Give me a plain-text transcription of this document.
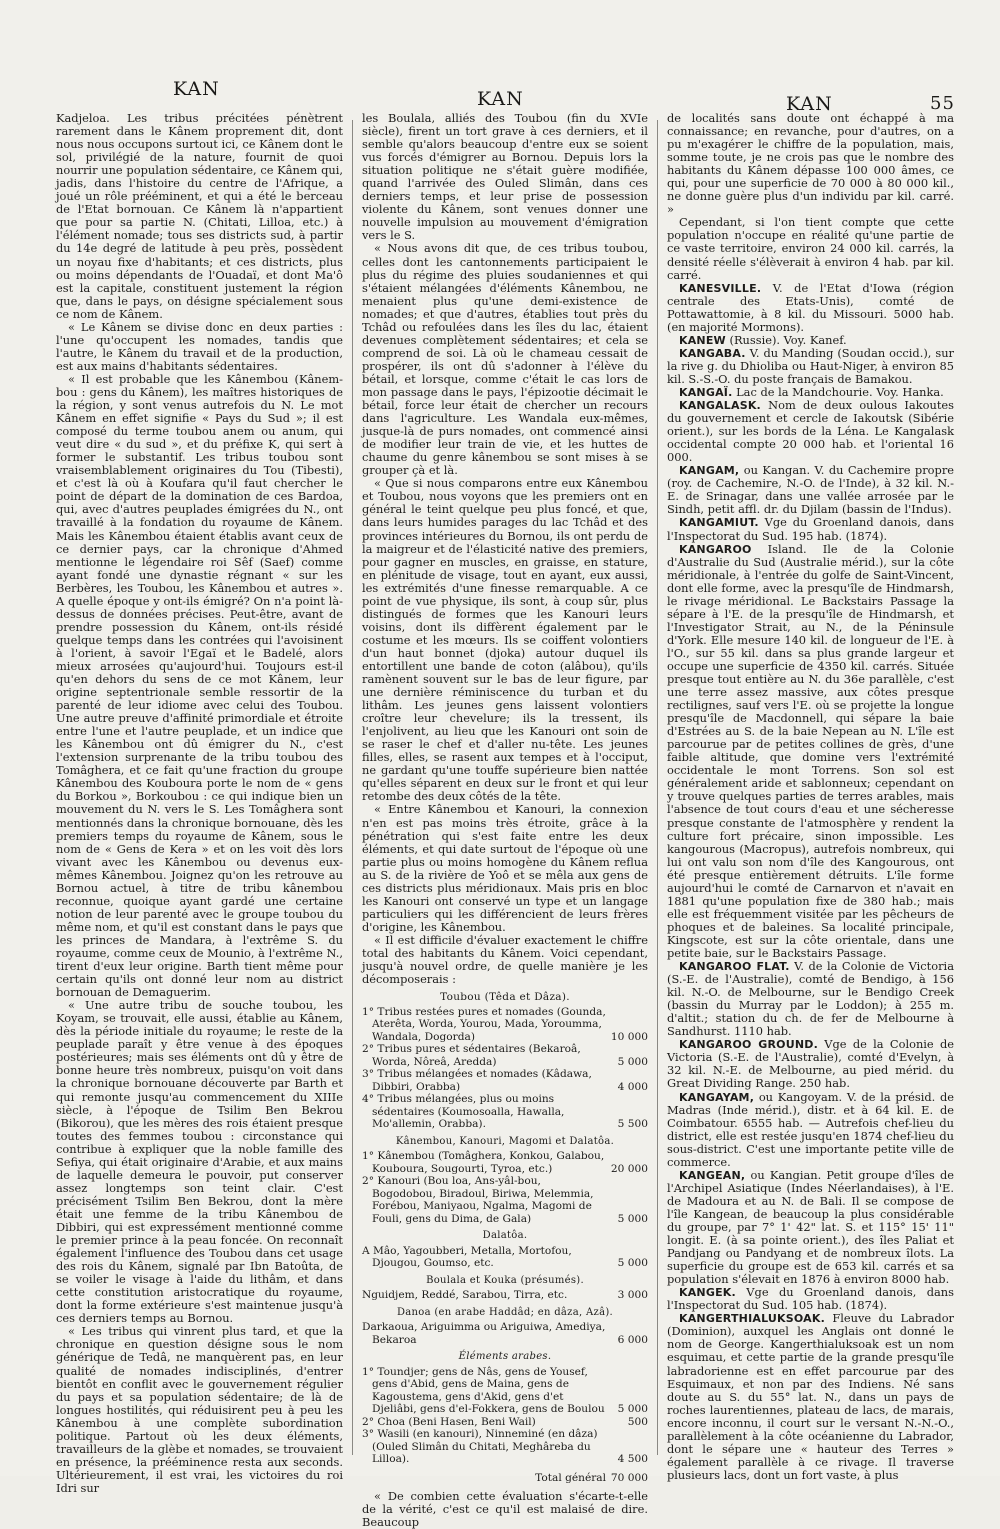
KAN	KAN	KAN	55

Kadjeloa. Les tribus précitées pénètrent rarement dans le Kânem proprement dit, dont nous nous occupons surtout ici, ce Kânem dont le sol, privilégié de la nature, fournit de quoi nourrir une population sédentaire, ce Kânem qui, jadis, dans l'histoire du centre de l'Afrique, a joué un rôle prééminent, et qui a été le berceau de l'Etat bornouan. Ce Kânem là n'appartient que pour sa partie N. (Chitati, Lilloa, etc.) à l'élément nomade; tous ses districts sud, à partir du 14e degré de latitude à peu près, possèdent un noyau fixe d'habitants; et ces districts, plus ou moins dépendants de l'Ouadaï, et dont Ma'ô est la capitale, constituent justement la région que, dans le pays, on désigne spécialement sous ce nom de Kânem.

« Le Kânem se divise donc en deux parties : l'une qu'occupent les nomades, tandis que l'autre, le Kânem du travail et de la production, est aux mains d'habitants sédentaires.

« Il est probable que les Kânembou (Kânem-bou : gens du Kânem), les maîtres historiques de la région, y sont venus autrefois du N. Le mot Kânem en effet signifie « Pays du Sud »; il est composé du terme toubou anem ou anum, qui veut dire « du sud », et du préfixe K, qui sert à former le substantif. Les tribus toubou sont vraisemblablement originaires du Tou (Tibesti), et c'est là où à Koufara qu'il faut chercher le point de départ de la domination de ces Bardoa, qui, avec d'autres peuplades émigrées du N., ont travaillé à la fondation du royaume de Kânem. Mais les Kânembou étaient établis avant ceux de ce dernier pays, car la chronique d'Ahmed mentionne le légendaire roi Sêf (Saef) comme ayant fondé une dynastie régnant « sur les Berbères, les Toubou, les Kânembou et autres ». A quelle époque y ont-ils émigré? On n'a point là-dessus de données précises. Peut-être, avant de prendre possession du Kânem, ont-ils résidé quelque temps dans les contrées qui l'avoisinent à l'orient, à savoir l'Egaï et le Badelé, alors mieux arrosées qu'aujourd'hui. Toujours est-il qu'en dehors du sens de ce mot Kânem, leur origine septentrionale semble ressortir de la parenté de leur idiome avec celui des Toubou. Une autre preuve d'affinité primordiale et étroite entre l'une et l'autre peuplade, et un indice que les Kânembou ont dû émigrer du N., c'est l'extension surprenante de la tribu toubou des Tomâghera, et ce fait qu'une fraction du groupe Kânembou des Kouboura porte le nom de « gens du Borkou », Borkoubou : ce qui indique bien un mouvement du N. vers le S. Les Tomâghera sont mentionnés dans la chronique bornouane, dès les premiers temps du royaume de Kânem, sous le nom de « Gens de Kera » et on les voit dès lors vivant avec les Kânembou ou devenus eux-mêmes Kânembou. Joignez qu'on les retrouve au Bornou actuel, à titre de tribu kânembou reconnue, quoique ayant gardé une certaine notion de leur parenté avec le groupe toubou du même nom, et qu'il est constant dans le pays que les princes de Mandara, à l'extrême S. du royaume, comme ceux de Mounio, à l'extrême N., tirent d'eux leur origine. Barth tient même pour certain qu'ils ont donné leur nom au district bornouan de Demaguerim.

« Une autre tribu de souche toubou, les Koyam, se trouvait, elle aussi, établie au Kânem, dès la période initiale du royaume; le reste de la peuplade paraît y être venue à des époques postérieures; mais ses éléments ont dû y être de bonne heure très nombreux, puisqu'on voit dans la chronique bornouane découverte par Barth et qui remonte jusqu'au commencement du XIIIe siècle, à l'époque de Tsilim Ben Bekrou (Bikorou), que les mères des rois étaient presque toutes des femmes toubou : circonstance qui contribue à expliquer que la noble famille des Sefiya, qui était originaire d'Arabie, et aux mains de laquelle demeura le pouvoir, put conserver assez longtemps son teint clair. C'est précisément Tsilim Ben Bekrou, dont la mère était une femme de la tribu Kânembou de Dibbiri, qui est expressément mentionné comme le premier prince à la peau foncée. On reconnaît également l'influence des Toubou dans cet usage des rois du Kânem, signalé par Ibn Batoûta, de se voiler le visage à l'aide du lithâm, et dans cette constitution aristocratique du royaume, dont la forme extérieure s'est maintenue jusqu'à ces derniers temps au Bornou.

« Les tribus qui vinrent plus tard, et que la chronique en question désigne sous le nom générique de Tedâ, ne manquèrent pas, en leur qualité de nomades indisciplinés, d'entrer bientôt en conflit avec le gouvernement régulier du pays et sa population sédentaire; de là de longues hostilités, qui réduisirent peu à peu les Kânembou à une complète subordination politique. Partout où les deux éléments, travailleurs de la glèbe et nomades, se trouvaient en présence, la prééminence resta aux seconds. Ultérieurement, il est vrai, les victoires du roi Idri sur

les Boulala, alliés des Toubou (fin du XVIe siècle), firent un tort grave à ces derniers, et il semble qu'alors beaucoup d'entre eux se soient vus forcés d'émigrer au Bornou. Depuis lors la situation politique ne s'était guère modifiée, quand l'arrivée des Ouled Slimân, dans ces derniers temps, et leur prise de possession violente du Kânem, sont venues donner une nouvelle impulsion au mouvement d'émigration vers le S.

« Nous avons dit que, de ces tribus toubou, celles dont les cantonnements participaient le plus du régime des pluies soudaniennes et qui s'étaient mélangées d'éléments Kânembou, ne menaient plus qu'une demi-existence de nomades; et que d'autres, établies tout près du Tchâd ou refoulées dans les îles du lac, étaient devenues complètement sédentaires; et cela se comprend de soi. Là où le chameau cessait de prospérer, ils ont dû s'adonner à l'élève du bétail, et lorsque, comme c'était le cas lors de mon passage dans le pays, l'épizootie décimait le bétail, force leur était de chercher un recours dans l'agriculture. Les Wandala eux-mêmes, jusque-là de purs nomades, ont commencé ainsi de modifier leur train de vie, et les huttes de chaume du genre kânembou se sont mises à se grouper çà et là.

« Que si nous comparons entre eux Kânembou et Toubou, nous voyons que les premiers ont en général le teint quelque peu plus foncé, et que, dans leurs humides parages du lac Tchâd et des provinces intérieures du Bornou, ils ont perdu de la maigreur et de l'élasticité native des premiers, pour gagner en muscles, en graisse, en stature, en plénitude de visage, tout en ayant, eux aussi, les extrémités d'une finesse remarquable. A ce point de vue physique, ils sont, à coup sûr, plus distingués de formes que les Kanouri leurs voisins, dont ils diffèrent également par le costume et les mœurs. Ils se coiffent volontiers d'un haut bonnet (djoka) autour duquel ils entortillent une bande de coton (alâbou), qu'ils ramènent souvent sur le bas de leur figure, par une dernière réminiscence du turban et du lithâm. Les jeunes gens laissent volontiers croître leur chevelure; ils la tressent, ils l'enjolivent, au lieu que les Kanouri ont soin de se raser le chef et d'aller nu-tête. Les jeunes filles, elles, se rasent aux tempes et à l'occiput, ne gardant qu'une touffe supérieure bien nattée qu'elles séparent en deux sur le front et qui leur retombe des deux côtés de la tête.

« Entre Kânembou et Kanouri, la connexion n'en est pas moins très étroite, grâce à la pénétration qui s'est faite entre les deux éléments, et qui date surtout de l'époque où une partie plus ou moins homogène du Kânem reflua au S. de la rivière de Yoô et se mêla aux gens de ces districts plus méridionaux. Mais pris en bloc les Kanouri ont conservé un type et un langage particuliers qui les différencient de leurs frères d'origine, les Kânembou.

« Il est difficile d'évaluer exactement le chiffre total des habitants du Kânem. Voici cependant, jusqu'à nouvel ordre, de quelle manière je les décomposerais :

Toubou (Têda et Dâza).
1° Tribus restées pures et nomades (Gounda, Aterêta, Worda, Yourou, Mada, Yoroumma, Wandala, Dogorda)	10 000
2° Tribus pures et sédentaires (Bekaroâ, Worda, Nôreâ, Aredda)	5 000
3° Tribus mélangées et nomades (Kâdawa, Dibbiri, Orabba)	4 000
4° Tribus mélangées, plus ou moins sédentaires (Koumosoalla, Hawalla, Mo'allemin, Orabba).	5 500
Kânembou, Kanouri, Magomi et Dalatôa.
1° Kânembou (Tomâghera, Konkou, Galabou, Kouboura, Sougourti, Tyroa, etc.)	20 000
2° Kanouri (Bou loa, Ans-yâl-bou, Bogodobou, Biradoul, Biriwa, Melemmia, Forébou, Maniyaou, Ngalma, Magomi de Fouli, gens du Dima, de Gala)	5 000
Dalatôa.
A Mâo, Yagoubberi, Metalla, Mortofou, Djougou, Goumso, etc.	5 000
Boulala et Kouka (présumés).
Nguidjem, Reddé, Sarabou, Tirra, etc.	3 000
Danoa (en arabe Haddâd; en dâza, Azâ).
Darkaoua, Ariguimma ou Ariguiwa, Amediya, Bekaroa	6 000
Éléments arabes.
1° Toundjer; gens de Nâs, gens de Yousef, gens d'Abid, gens de Maina, gens de Kagoustema, gens d'Akid, gens d'et Djeliâbi, gens d'el-Fokkera, gens de Boulou	5 000
2° Choa (Beni Hasen, Beni Wail)	500
3° Wasili (en kanouri), Ninneminé (en dâza) (Ouled Slimân du Chitati, Meghâreba du Lilloa).	4 500
Total général 70 000

« De combien cette évaluation s'écarte-t-elle de la vérité, c'est ce qu'il est malaisé de dire. Beaucoup

de localités sans doute ont échappé à ma connaissance; en revanche, pour d'autres, on a pu m'exagérer le chiffre de la population, mais, somme toute, je ne crois pas que le nombre des habitants du Kânem dépasse 100 000 âmes, ce qui, pour une superficie de 70 000 à 80 000 kil., ne donne guère plus d'un individu par kil. carré. »

Cependant, si l'on tient compte que cette population n'occupe en réalité qu'une partie de ce vaste territoire, environ 24 000 kil. carrés, la densité réelle s'élèverait à environ 4 hab. par kil. carré.

KANESVILLE. V. de l'Etat d'Iowa (région centrale des Etats-Unis), comté de Pottawattomie, à 8 kil. du Missouri. 5000 hab. (en majorité Mormons).

KANEW (Russie). Voy. Kanef.

KANGABA. V. du Manding (Soudan occid.), sur la rive g. du Dhioliba ou Haut-Niger, à environ 85 kil. S.-S.-O. du poste français de Bamakou.

KANGAÏ. Lac de la Mandchourie. Voy. Hanka.

KANGALASK. Nom de deux oulous Iakoutes du gouvernement et cercle de Iakoutsk (Sibérie orient.), sur les bords de la Léna. Le Kangalask occidental compte 20 000 hab. et l'oriental 16 000.

KANGAM, ou Kangan. V. du Cachemire propre (roy. de Cachemire, N.-O. de l'Inde), à 32 kil. N.-E. de Srinagar, dans une vallée arrosée par le Sindh, petit affl. dr. du Djilam (bassin de l'Indus).

KANGAMIUT. Vge du Groenland danois, dans l'Inspectorat du Sud. 195 hab. (1874).

KANGAROO Island. Ile de la Colonie d'Australie du Sud (Australie mérid.), sur la côte méridionale, à l'entrée du golfe de Saint-Vincent, dont elle forme, avec la presqu'île de Hindmarsh, le rivage méridional. Le Backstairs Passage la sépare à l'E. de la presqu'île de Hindmarsh, et l'Investigator Strait, au N., de la Péninsule d'York. Elle mesure 140 kil. de longueur de l'E. à l'O., sur 55 kil. dans sa plus grande largeur et occupe une superficie de 4350 kil. carrés. Située presque tout entière au N. du 36e parallèle, c'est une terre assez massive, aux côtes presque rectilignes, sauf vers l'E. où se projette la longue presqu'île de Macdonnell, qui sépare la baie d'Estrées au S. de la baie Nepean au N. L'île est parcourue par de petites collines de grès, d'une faible altitude, que domine vers l'extrémité occidentale le mont Torrens. Son sol est généralement aride et sablonneux; cependant on y trouve quelques parties de terres arables, mais l'absence de tout cours d'eau et une sécheresse presque constante de l'atmosphère y rendent la culture fort précaire, sinon impossible. Les kangourous (Macropus), autrefois nombreux, qui lui ont valu son nom d'île des Kangourous, ont été presque entièrement détruits. L'île forme aujourd'hui le comté de Carnarvon et n'avait en 1881 qu'une population fixe de 380 hab.; mais elle est fréquemment visitée par les pêcheurs de phoques et de baleines. Sa localité principale, Kingscote, est sur la côte orientale, dans une petite baie, sur le Backstairs Passage.

KANGAROO FLAT. V. de la Colonie de Victoria (S.-E. de l'Australie), comté de Bendigo, à 156 kil. N.-O. de Melbourne, sur le Bendigo Creek (bassin du Murray par le Loddon); à 255 m. d'altit.; station du ch. de fer de Melbourne à Sandhurst. 1110 hab.

KANGAROO GROUND. Vge de la Colonie de Victoria (S.-E. de l'Australie), comté d'Evelyn, à 32 kil. N.-E. de Melbourne, au pied mérid. du Great Dividing Range. 250 hab.

KANGAYAM, ou Kangoyam. V. de la présid. de Madras (Inde mérid.), distr. et à 64 kil. E. de Coimbatour. 6555 hab. — Autrefois chef-lieu du district, elle est restée jusqu'en 1874 chef-lieu du sous-district. C'est une importante petite ville de commerce.

KANGEAN, ou Kangian. Petit groupe d'îles de l'Archipel Asiatique (Indes Néerlandaises), à l'E. de Madoura et au N. de Bali. Il se compose de l'île Kangean, de beaucoup la plus considérable du groupe, par 7° 1' 42" lat. S. et 115° 15' 11" longit. E. (à sa pointe orient.), des îles Paliat et Pandjang ou Pandyang et de nombreux îlots. La superficie du groupe est de 653 kil. carrés et sa population s'élevait en 1876 à environ 8000 hab.

KANGEK. Vge du Groenland danois, dans l'Inspectorat du Sud. 105 hab. (1874).

KANGERTHIALUKSOAK. Fleuve du Labrador (Dominion), auxquel les Anglais ont donné le nom de George. Kangerthialuksoak est un nom esquimau, et cette partie de la grande presqu'île labradorienne est en effet parcourue par des Esquimaux, et non par des Indiens. Né sans doute au S. du 55° lat. N., dans un pays de roches laurentiennes, plateau de lacs, de marais, encore inconnu, il court sur le versant N.-N.-O., parallèlement à la côte océanienne du Labrador, dont le sépare une « hauteur des Terres » également parallèle à ce rivage. Il traverse plusieurs lacs, dont un fort vaste, à plus
